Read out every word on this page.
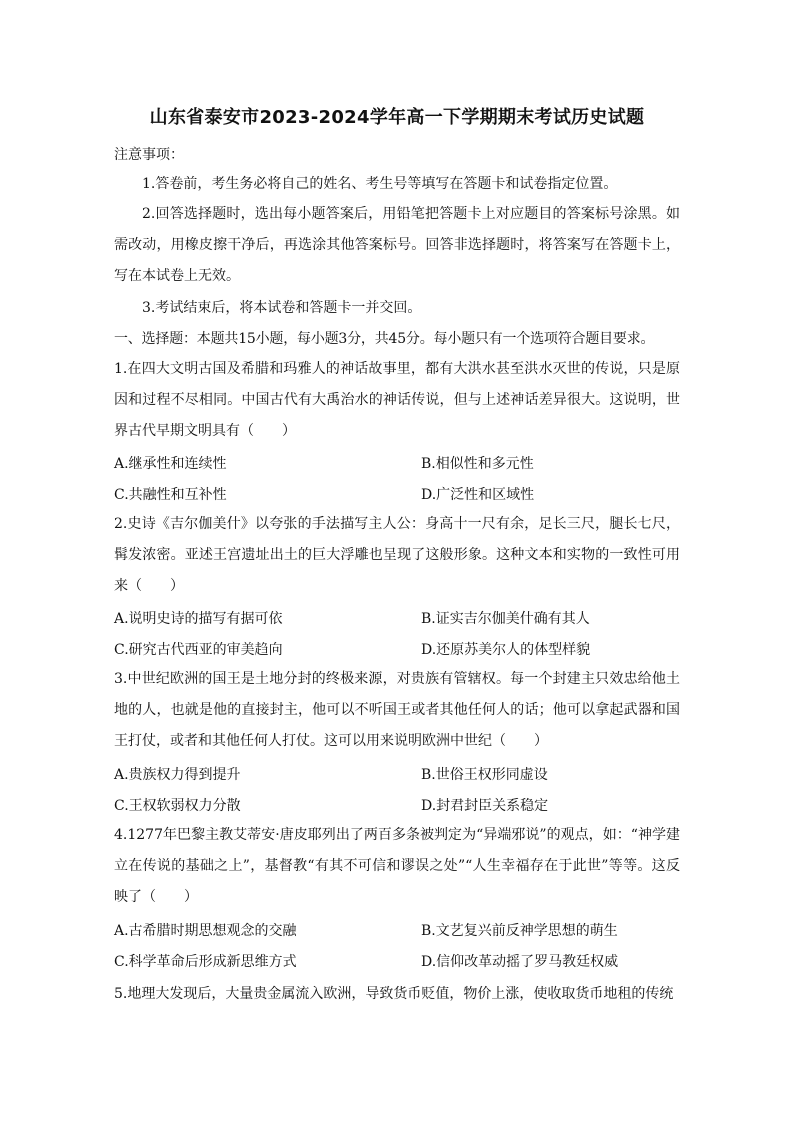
山东省泰安市2023-2024学年高一下学期期末考试历史试题
注意事项：
1.答卷前，考生务必将自己的姓名、考生号等填写在答题卡和试卷指定位置。
2.回答选择题时，选出每小题答案后，用铅笔把答题卡上对应题目的答案标号涂黑。如需改动，用橡皮擦干净后，再选涂其他答案标号。回答非选择题时，将答案写在答题卡上，写在本试卷上无效。
3.考试结束后，将本试卷和答题卡一并交回。
一、选择题：本题共15小题，每小题3分，共45分。每小题只有一个选项符合题目要求。
1.在四大文明古国及希腊和玛雅人的神话故事里，都有大洪水甚至洪水灭世的传说，只是原因和过程不尽相同。中国古代有大禹治水的神话传说，但与上述神话差异很大。这说明，世界古代早期文明具有（　　）
A.继承性和连续性	B.相似性和多元性
C.共融性和互补性	D.广泛性和区域性
2.史诗《吉尔伽美什》以夸张的手法描写主人公：身高十一尺有余，足长三尺，腿长七尺，髯发浓密。亚述王宫遗址出土的巨大浮雕也呈现了这般形象。这种文本和实物的一致性可用来（　　）
A.说明史诗的描写有据可依	B.证实吉尔伽美什确有其人
C.研究古代西亚的审美趋向	D.还原苏美尔人的体型样貌
3.中世纪欧洲的国王是土地分封的终极来源，对贵族有管辖权。每一个封建主只效忠给他土地的人，也就是他的直接封主，他可以不听国王或者其他任何人的话；他可以拿起武器和国王打仗，或者和其他任何人打仗。这可以用来说明欧洲中世纪（　　）
A.贵族权力得到提升	B.世俗王权形同虚设
C.王权软弱权力分散	D.封君封臣关系稳定
4.1277年巴黎主教艾蒂安·唐皮耶列出了两百多条被判定为“异端邪说”的观点，如：“神学建立在传说的基础之上”，基督教“有其不可信和谬误之处”“人生幸福存在于此世”等等。这反映了（　　）
A.古希腊时期思想观念的交融	B.文艺复兴前反神学思想的萌生
C.科学革命后形成新思维方式	D.信仰改革动摇了罗马教廷权威
5.地理大发现后，大量贵金属流入欧洲，导致货币贬值，物价上涨，使收取货币地租的传统
